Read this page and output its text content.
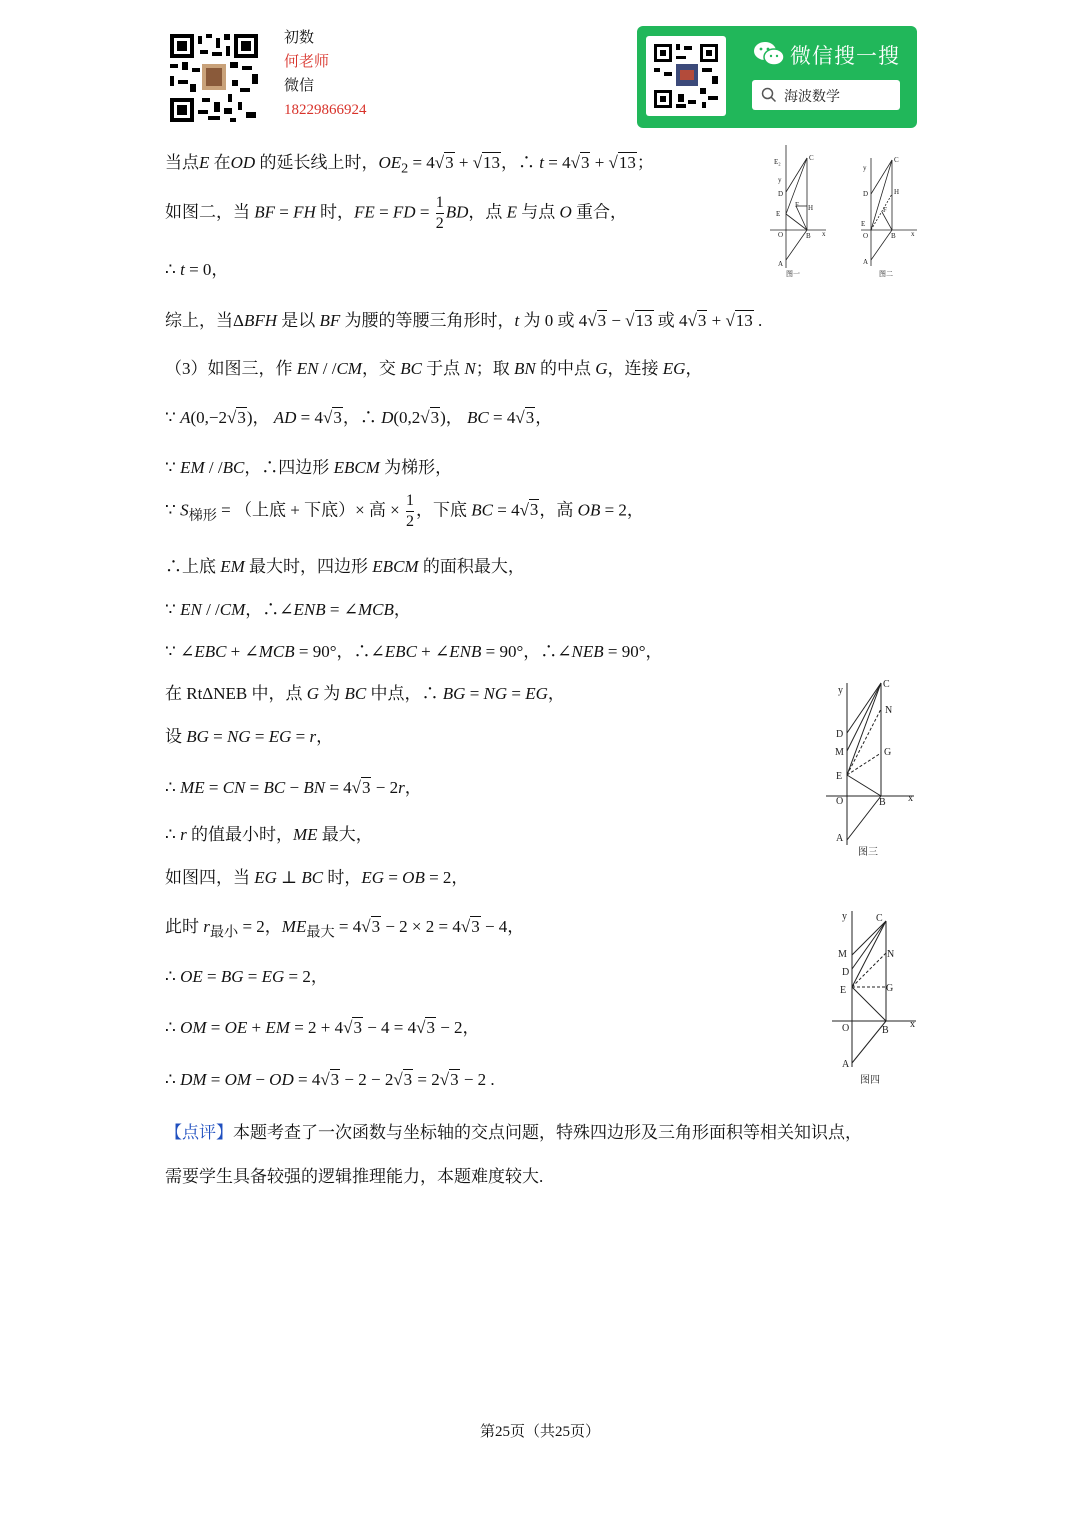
初数
何老师
微信
18229866924
微信搜一搜
海波数学
当点E 在OD 的延长线上时，$OE_2 = 4√3 + √13$，∴ t = 4√3 + √13；
如图二，当 BF = FH 时，FE = FD = $\frac{1}{2}$ BD，点 E 与点 O 重合，
∴ t = 0，
综上，当ΔBFH 是以 BF 为腰的等腰三角形时，t 为 0 或 4√3 − √13 或 4√3 + √13 .
（3）如图三，作 EN / /CM，交 BC 于点 N；取 BN 的中点 G，连接 EG，
∵ A(0,−2√3)， AD = 4√3，∴ D(0,2√3)， BC = 4√3，
∵ EM / /BC，∴四边形 EBCM 为梯形，
∵ $S_{梯形}$ = （上底 + 下底）× 高 × $\frac{1}{2}$ ，下底 BC = 4√3，高 OB = 2，
∴上底 EM 最大时，四边形 EBCM 的面积最大，
∵ EN / /CM，∴∠ENB = ∠MCB，
∵ ∠EBC + ∠MCB = 90°，∴∠EBC + ∠ENB = 90°，∴∠NEB = 90°，
在 RtΔNEB 中，点 G 为 BC 中点，∴ BG = NG = EG，
设 BG = NG = EG = r，
∴ ME = CN = BC − BN = 4√3 − 2r，
∴ r 的值最小时，ME 最大，
如图四，当 EG ⊥ BC 时，EG = OB = 2，
此时 $r_{最小} = 2$，$ME_{最大} = 4√3 - 2 \times 2 = 4√3 - 4$，
∴ OE = BG = EG = 2，
∴ OM = OE + EM = 2 + 4√3 − 4 = 4√3 − 2，
∴ DM = OM − OD = 4√3 − 2 − 2√3 = 2√3 − 2 .
【点评】本题考查了一次函数与坐标轴的交点问题，特殊四边形及三角形面积等相关知识点，
需要学生具备较强的逻辑推理能力，本题难度较大.
E₂
y
D
E
F H
C
O	B x
A
图一
y
D
F
H
C
E
O	B x
A
图二
y
C
N
D
M	G
E
O	B x
A
图三
y	C
N
M
D
G
E
O	B
x
A
图四
第25页（共25页）
